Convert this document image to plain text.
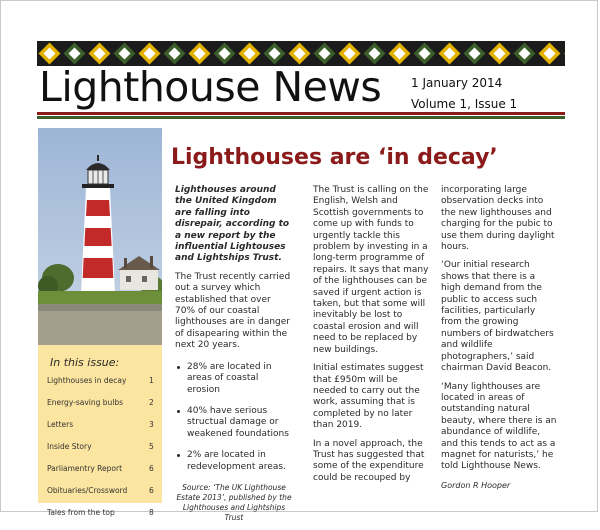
Lighthouse News 1 January 2014
Volume 1, Issue 1
In this issue:
Lighthouses in decay	1
Energy-saving bulbs	2
Letters	3
Inside Story	5
Parliamentry Report	6
Obituaries/Crossword	6
Tales from the top	8
Lighthouses are ‘in decay’

Lighthouses around the United Kingdom are falling into disrepair, according to a new report by the influential Lightouses and Lightships Trust.

The Trust recently carried out a survey which established that over 70% of our coastal lighthouses are in danger of disapearing within the next 20 years.

28% are located in areas of coastal erosion
40% have serious structual damage or weakened foundations
2% are located in redevelopment areas.
Source: ‘The UK Lighthouse Estate 2013’, published by the Lighthouses and Lightships Trust

The Trust is calling on the English, Welsh and Scottish governments to come up with funds to urgently tackle this problem by investing in a long-term programme of repairs. It says that many of the lighthouses can be saved if urgent action is taken, but that some will inevitably be lost to coastal erosion and will need to be replaced by new buildings.

Initial estimates suggest that £950m will be needed to carry out the work, assuming that is completed by no later than 2019.

In a novel approach, the Trust has suggested that some of the expenditure could be recouped by

incorporating large observation decks into the new lighthouses and charging for the pubic to use them during daylight hours.

‘Our initial research shows that there is a high demand from the public to access such facilities, particularly from the growing numbers of birdwatchers and wildlife photographers,’ said chairman David Beacon.

‘Many lighthouses are located in areas of outstanding natural beauty, where there is an abundance of wildlife, and this tends to act as a magnet for naturists,’ he told Lighthouse News.

Gordon R Hooper
